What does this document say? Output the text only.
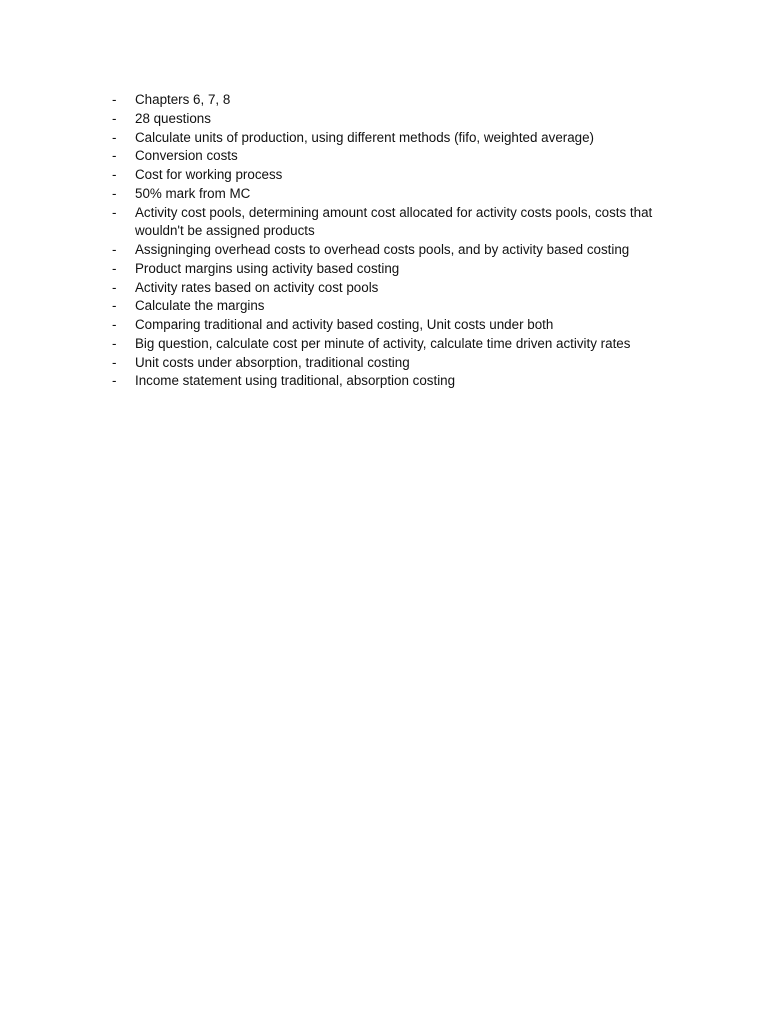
-	Chapters 6, 7, 8
-	28 questions
-	Calculate units of production, using different methods (fifo, weighted average)
-	Conversion costs
-	Cost for working process
-	50% mark from MC
-	Activity cost pools, determining amount cost allocated for activity costs pools, costs that wouldn't be assigned products
-	Assigninging overhead costs to overhead costs pools, and by activity based costing
-	Product margins using activity based costing
-	Activity rates based on activity cost pools
-	Calculate the margins
-	Comparing traditional and activity based costing, Unit costs under both
-	Big question, calculate cost per minute of activity, calculate time driven activity rates
-	Unit costs under absorption, traditional costing
-	Income statement using traditional, absorption costing
